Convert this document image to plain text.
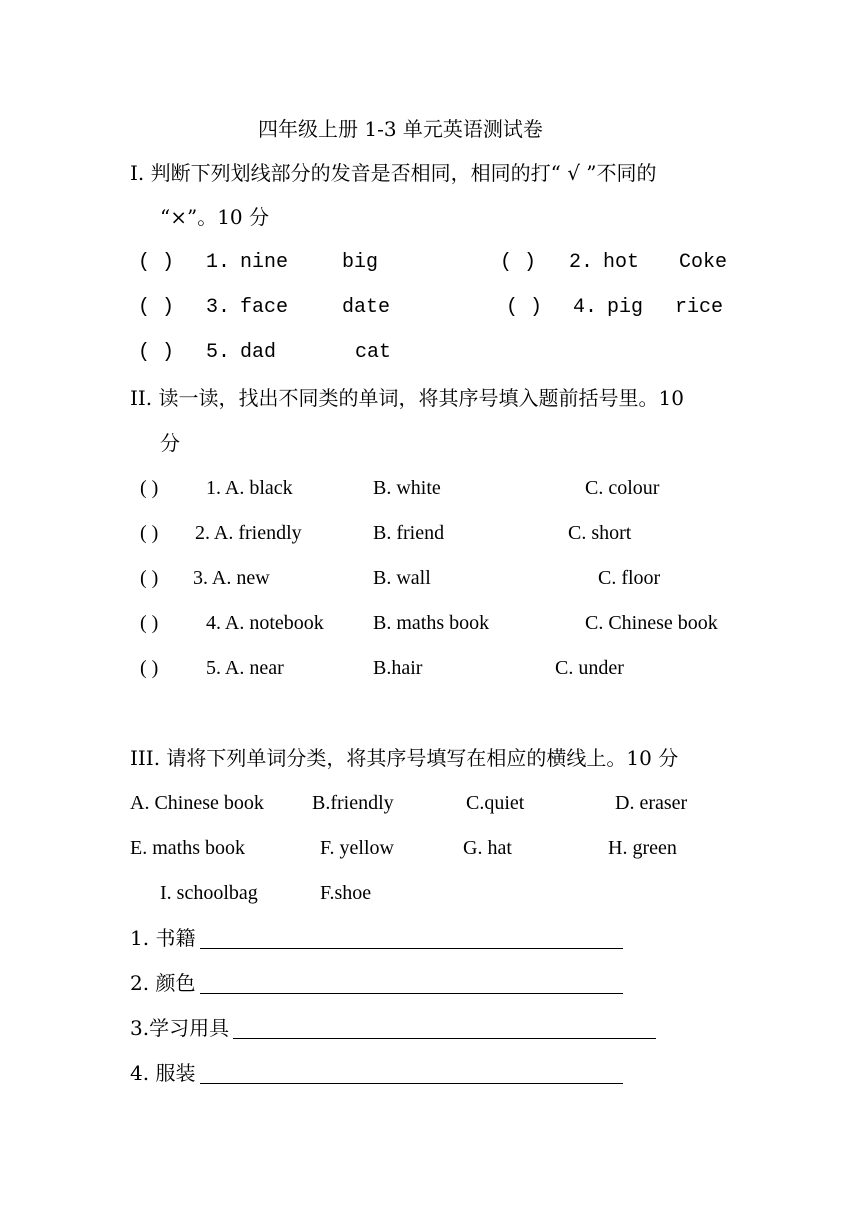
四年级上册 1-3 单元英语测试卷
I. 判断下列划线部分的发音是否相同，相同的打“ √ ”不同的
“×”。10 分
( ) 1. nine	big	( ) 2. hot Coke
( ) 3. face	date	( ) 4. pig rice
( ) 5. dad	cat
II. 读一读，找出不同类的单词，将其序号填入题前括号里。10
分
( ) 1. A. black	B. white	C. colour
( ) 2. A. friendly	B. friend	C. short
( ) 3. A. new	B. wall	C. floor
( ) 4. A. notebook B. maths book	C. Chinese book
( ) 5. A. near	B.hair	C. under
III. 请将下列单词分类，将其序号填写在相应的横线上。10 分
A. Chinese book B.friendly	C.quiet	D. eraser
E. maths book	F. yellow	G. hat	H. green
I. schoolbag	F.shoe
1. 书籍
2. 颜色
3.学习用具
4. 服装
